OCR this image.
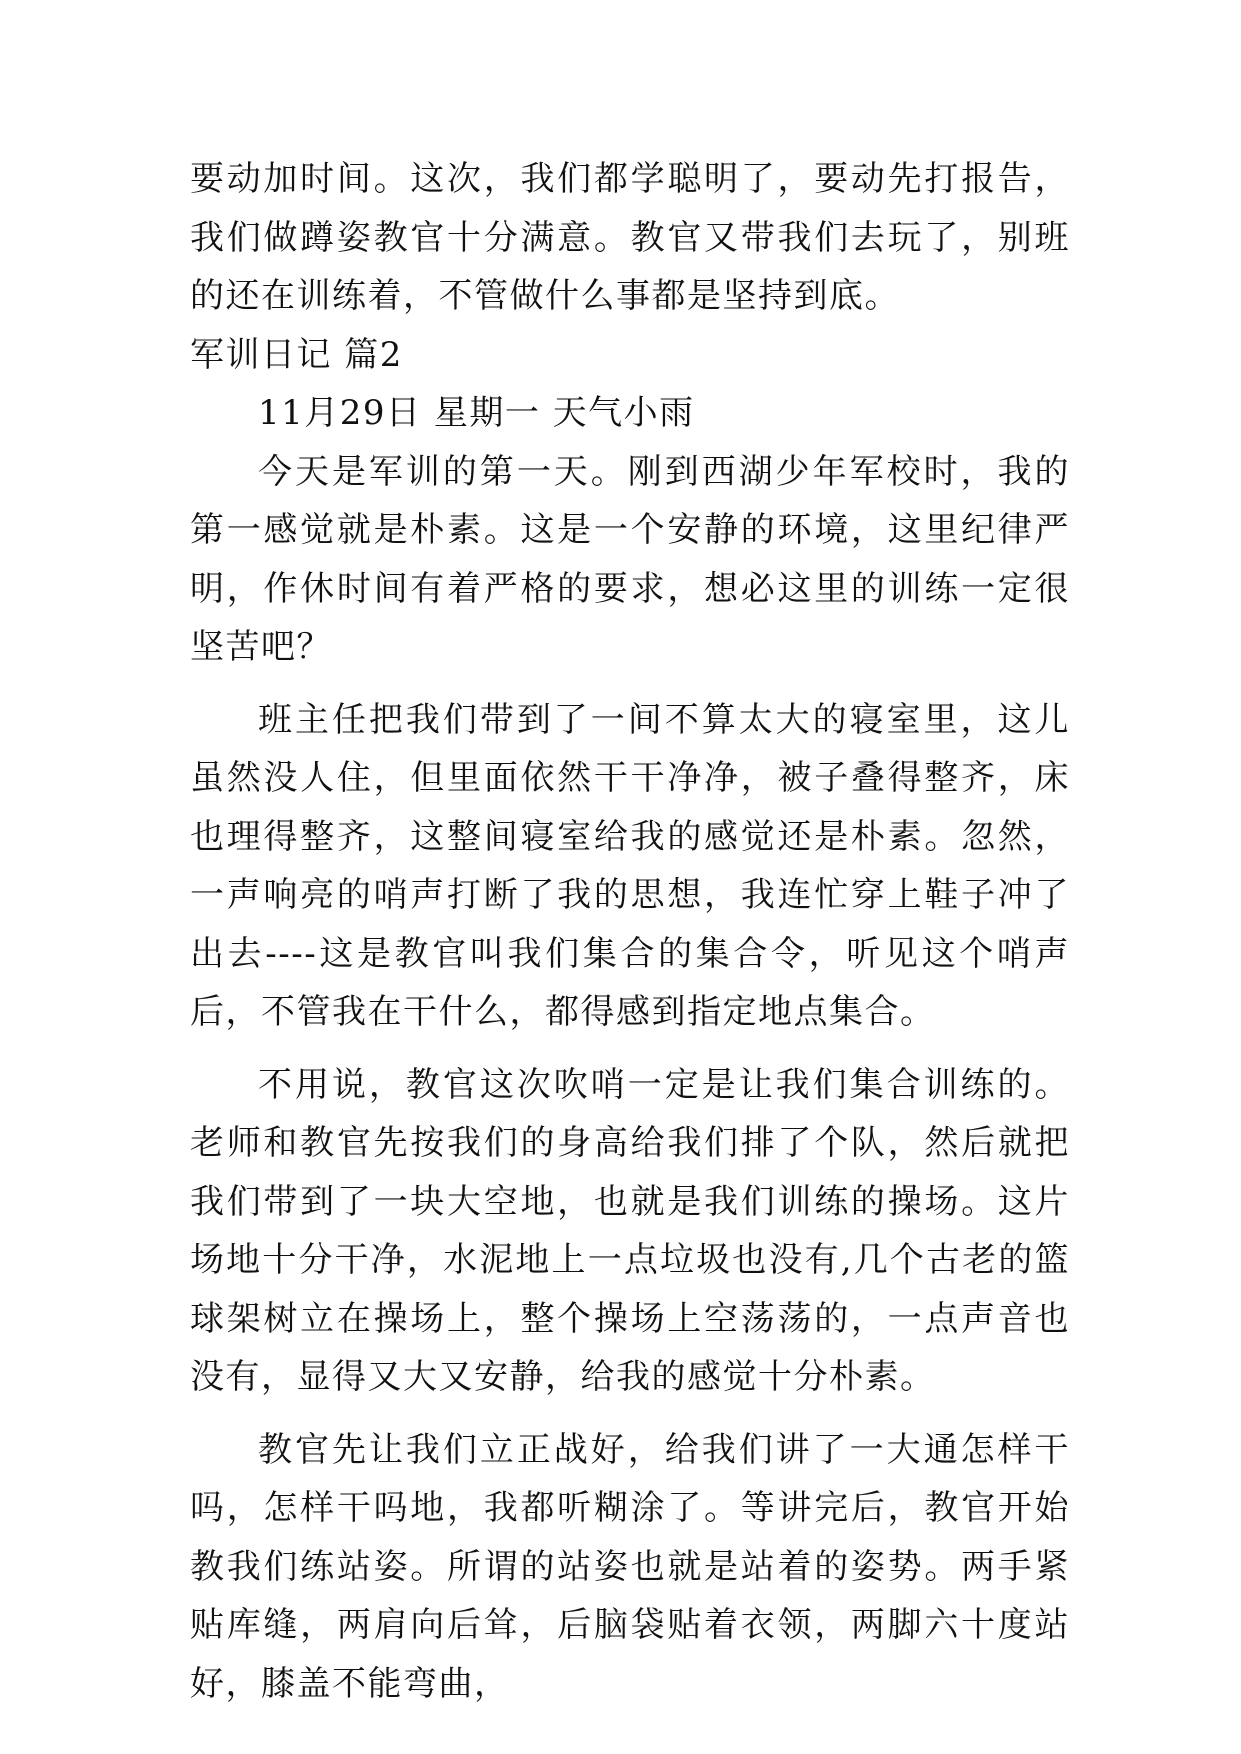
要动加时间。这次，我们都学聪明了，要动先打报告，我们做蹲姿教官十分满意。教官又带我们去玩了，别班的还在训练着，不管做什么事都是坚持到底。

军训日记 篇2

11月29日 星期一 天气小雨

今天是军训的第一天。刚到西湖少年军校时，我的第一感觉就是朴素。这是一个安静的环境，这里纪律严明，作休时间有着严格的要求，想必这里的训练一定很坚苦吧？

班主任把我们带到了一间不算太大的寝室里，这儿虽然没人住，但里面依然干干净净，被子叠得整齐，床也理得整齐，这整间寝室给我的感觉还是朴素。忽然，一声响亮的哨声打断了我的思想，我连忙穿上鞋子冲了出去----这是教官叫我们集合的集合令，听见这个哨声后，不管我在干什么，都得感到指定地点集合。

不用说，教官这次吹哨一定是让我们集合训练的。老师和教官先按我们的身高给我们排了个队，然后就把我们带到了一块大空地，也就是我们训练的操场。这片场地十分干净，水泥地上一点垃圾也没有,几个古老的篮球架树立在操场上，整个操场上空荡荡的，一点声音也没有，显得又大又安静，给我的感觉十分朴素。

教官先让我们立正战好，给我们讲了一大通怎样干吗，怎样干吗地，我都听糊涂了。等讲完后，教官开始教我们练站姿。所谓的站姿也就是站着的姿势。两手紧贴库缝，两肩向后耸，后脑袋贴着衣领，两脚六十度站好，膝盖不能弯曲，
